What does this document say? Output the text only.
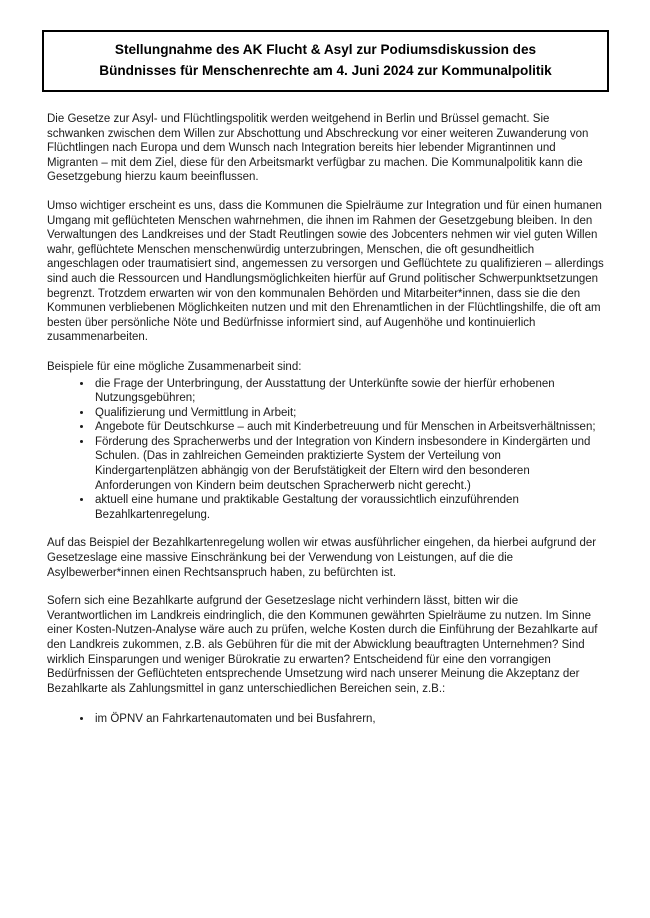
Stellungnahme des AK Flucht & Asyl zur Podiumsdiskussion des
Bündnisses für Menschenrechte am 4. Juni 2024 zur Kommunalpolitik

Die Gesetze zur Asyl- und Flüchtlingspolitik werden weitgehend in Berlin und Brüssel gemacht. Sie schwanken zwischen dem Willen zur Abschottung und Abschreckung vor einer weiteren Zuwanderung von Flüchtlingen nach Europa und dem Wunsch nach Integration bereits hier lebender Migrantinnen und Migranten – mit dem Ziel, diese für den Arbeitsmarkt verfügbar zu machen. Die Kommunalpolitik kann die Gesetzgebung hierzu kaum beeinflussen.

Umso wichtiger erscheint es uns, dass die Kommunen die Spielräume zur Integration und für einen humanen Umgang mit geflüchteten Menschen wahrnehmen, die ihnen im Rahmen der Gesetzgebung bleiben. In den Verwaltungen des Landkreises und der Stadt Reutlingen sowie des Jobcenters nehmen wir viel guten Willen wahr, geflüchtete Menschen menschenwürdig unterzubringen, Menschen, die oft gesundheitlich angeschlagen oder traumatisiert sind, angemessen zu versorgen und Geflüchtete zu qualifizieren – allerdings sind auch die Ressourcen und Handlungsmöglichkeiten hierfür auf Grund politischer Schwerpunktsetzungen begrenzt. Trotzdem erwarten wir von den kommunalen Behörden und Mitarbeiter*innen, dass sie die den Kommunen verbliebenen Möglichkeiten nutzen und mit den Ehrenamtlichen in der Flüchtlingshilfe, die oft am besten über persönliche Nöte und Bedürfnisse informiert sind, auf Augenhöhe und kontinuierlich zusammenarbeiten.

Beispiele für eine mögliche Zusammenarbeit sind:

• die Frage der Unterbringung, der Ausstattung der Unterkünfte sowie der hierfür erhobenen Nutzungsgebühren;
• Qualifizierung und Vermittlung in Arbeit;
• Angebote für Deutschkurse – auch mit Kinderbetreuung und für Menschen in Arbeitsverhältnissen;
• Förderung des Spracherwerbs und der Integration von Kindern insbesondere in Kindergärten und Schulen. (Das in zahlreichen Gemeinden praktizierte System der Verteilung von Kindergartenplätzen abhängig von der Berufstätigkeit der Eltern wird den besonderen Anforderungen von Kindern beim deutschen Spracherwerb nicht gerecht.)
• aktuell eine humane und praktikable Gestaltung der voraussichtlich einzuführenden Bezahlkartenregelung.

Auf das Beispiel der Bezahlkartenregelung wollen wir etwas ausführlicher eingehen, da hierbei aufgrund der Gesetzeslage eine massive Einschränkung bei der Verwendung von Leistungen, auf die die Asylbewerber*innen einen Rechtsanspruch haben, zu befürchten ist.

Sofern sich eine Bezahlkarte aufgrund der Gesetzeslage nicht verhindern lässt, bitten wir die Verantwortlichen im Landkreis eindringlich, die den Kommunen gewährten Spielräume zu nutzen. Im Sinne einer Kosten-Nutzen-Analyse wäre auch zu prüfen, welche Kosten durch die Einführung der Bezahlkarte auf den Landkreis zukommen, z.B. als Gebühren für die mit der Abwicklung beauftragten Unternehmen? Sind wirklich Einsparungen und weniger Bürokratie zu erwarten? Entscheidend für eine den vorrangigen Bedürfnissen der Geflüchteten entsprechende Umsetzung wird nach unserer Meinung die Akzeptanz der Bezahlkarte als Zahlungsmittel in ganz unterschiedlichen Bereichen sein, z.B.:

• im ÖPNV an Fahrkartenautomaten und bei Busfahrern,
